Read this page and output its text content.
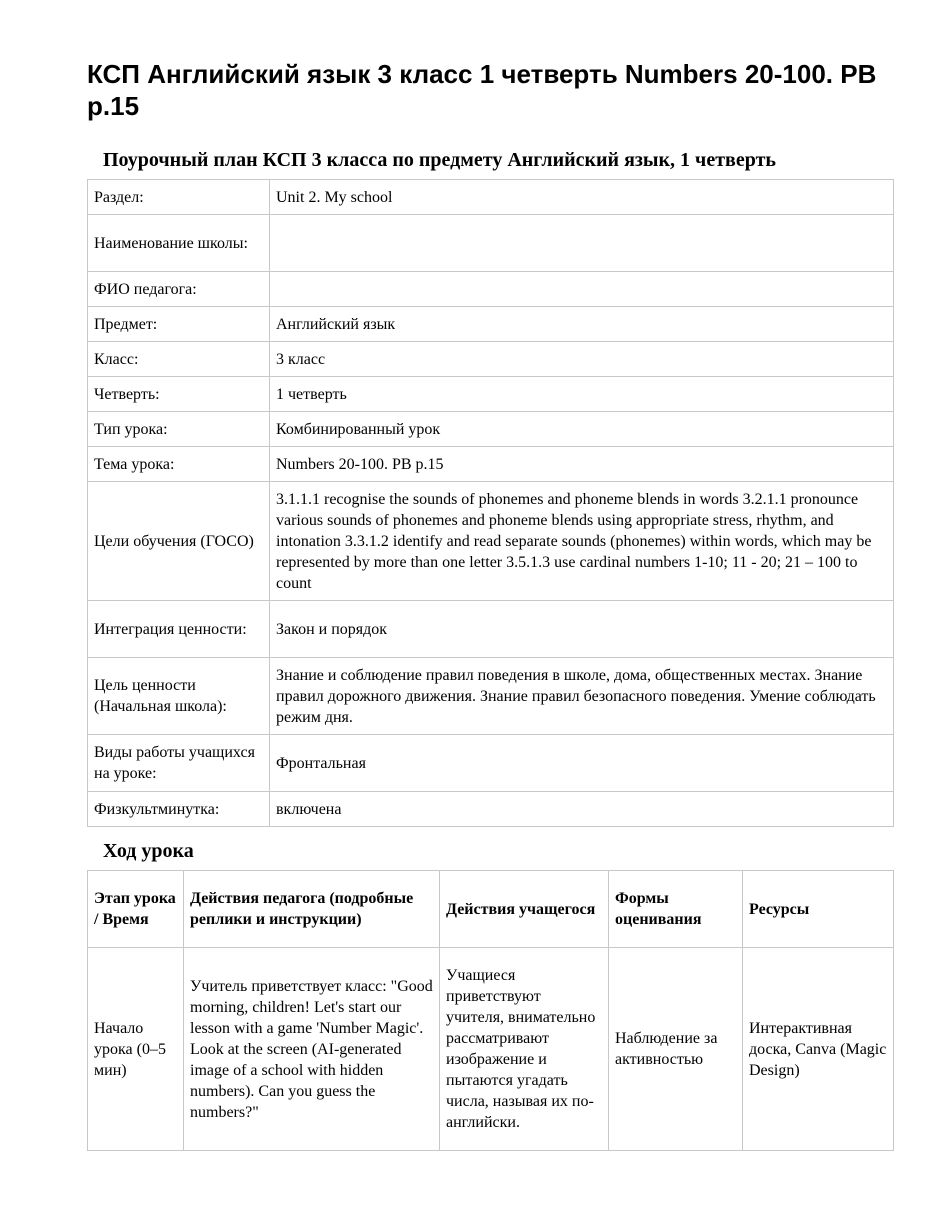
КСП Английский язык 3 класс 1 четверть Numbers 20-100. PB p.15
Поурочный план КСП 3 класса по предмету Английский язык, 1 четверть
Раздел:	Unit 2. My school
Наименование школы:	
ФИО педагога:	
Предмет:	Английский язык
Класс:	3 класс
Четверть:	1 четверть
Тип урока:	Комбинированный урок
Тема урока:	Numbers 20-100. PB p.15
Цели обучения (ГОСО)	3.1.1.1 recognise the sounds of phonemes and phoneme blends in words 3.2.1.1 pronounce various sounds of phonemes and phoneme blends using appropriate stress, rhythm, and intonation 3.3.1.2 identify and read separate sounds (phonemes) within words, which may be represented by more than one letter 3.5.1.3 use cardinal numbers 1-10; 11 - 20; 21 – 100 to count
Интеграция ценности:	Закон и порядок
Цель ценности (Начальная школа):	Знание и соблюдение правил поведения в школе, дома, общественных местах. Знание правил дорожного движения. Знание правил безопасного поведения. Умение соблюдать режим дня.
Виды работы учащихся на уроке:	Фронтальная
Физкультминутка:	включена
Ход урока
Этап урока / Время	Действия педагога (подробные реплики и инструкции)	Действия учащегося	Формы оценивания	Ресурсы
Начало урока (0–5 мин)	Учитель приветствует класс: "Good morning, children! Let's start our lesson with a game 'Number Magic'. Look at the screen (AI-generated image of a school with hidden numbers). Can you guess the numbers?"	Учащиеся приветствуют учителя, внимательно рассматривают изображение и пытаются угадать числа, называя их по-английски.	Наблюдение за активностью	Интерактивная доска, Canva (Magic Design)
